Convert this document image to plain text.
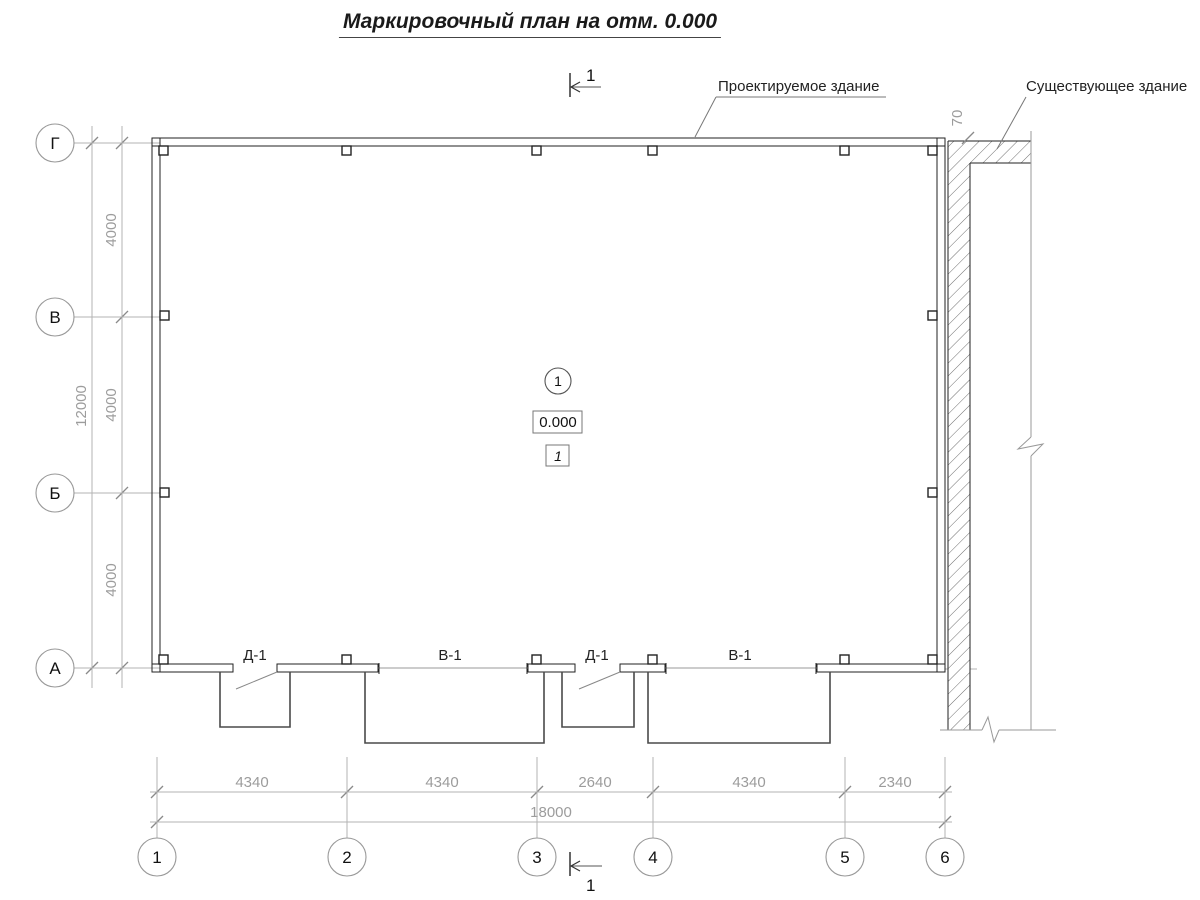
Маркировочный план на отм. 0.000
12000
4000
4000
4000
4340	4340	2640	4340	2340
18000
Д-1	В-1	Д-1	В-1
Проектируемое здание	Существующее здание
70
1
1
1
0.000
1
Г
В
Б
А
1	2	3	4	5	6
